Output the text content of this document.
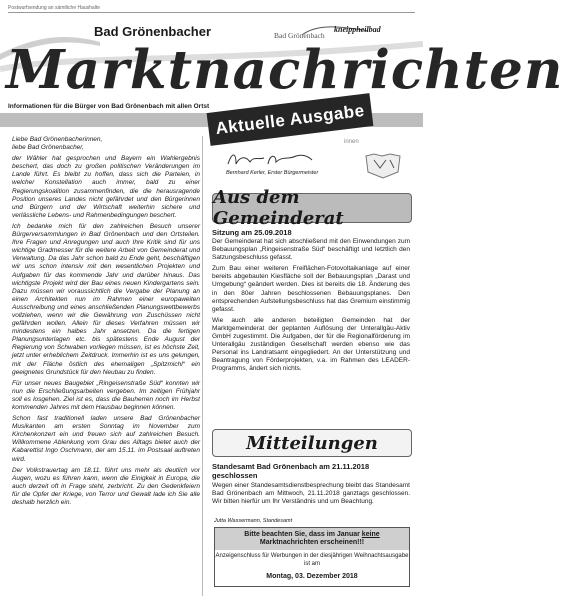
Postwurfsendung an sämtliche Haushalte
Bad Grönenbacher	Bad Grönenbach
kneippheilbad
Marktnachrichten
Informationen für die Bürger von Bad Grönenbach mit allen Ortst Aktuelle Ausgabe

Liebe Bad Grönenbacherinnen,

liebe Bad Grönenbacher,

der Wähler hat gesprochen und Bayern ein Wahlergebnis beschert, das doch zu großen politischen Veränderungen im Lande führt. Es bleibt zu hoffen, dass sich die Parteien, in welcher Konstellation auch immer, bald zu einer Regierungskoalition zusammenfinden, die die herausragende Position unseres Landes nicht gefährdet und den Bürgerinnen und Bürgern und der Wirtschaft weiterhin sichere und verlässliche Lebens- und Rahmenbedingungen beschert.

Ich bedanke mich für den zahlreichen Besuch unserer Bürgerversammlungen in Bad Grönenbach und den Ortsteilen. Ihre Fragen und Anregungen und auch Ihre Kritik sind für uns wichtige Gradmesser für die weitere Arbeit von Gemeinderat und Verwaltung. Da das Jahr schon bald zu Ende geht, beschäftigen wir uns schon intensiv mit den wesentlichen Projekten und Aufgaben für das kommende Jahr und darüber hinaus. Das wichtigste Projekt wird der Bau eines neuen Kindergartens sein. Dazu müssen wir voraussichtlich die Vergabe der Planung an einen Architekten nun im Rahmen einer europaweiten Ausschreibung und eines anschließenden Planungswettbewerbs vollziehen, wenn wir die Gewährung von Zuschüssen nicht gefährden wollen. Allein für dieses Verfahren müssen wir mindestens ein halbes Jahr ansetzen. Da die fertigen Planungsunterlagen etc. bis spätestens Ende August der Regierung von Schwaben vorliegen müssen, ist es höchste Zeit, jetzt unter erheblichem Zeitdruck. Immerhin ist es uns gelungen, mit der Fläche östlich des ehemaligen „Spitzmichl“ ein geeignetes Grundstück für den Neubau zu finden.

Für unser neues Baugebiet „Ringeisenstraße Süd“ konnten wir nun die Erschließungsarbeiten vergeben. Im zeitigen Frühjahr soll es losgehen. Ziel ist es, dass die Bauherren noch im Herbst kommenden Jahres mit dem Hausbau beginnen können.

Schon fast traditionell laden unsere Bad Grönenbacher Musikanten am ersten Sonntag im November zum Kirchenkonzert ein und freuen sich auf zahlreichen Besuch. Willkommene Ablenkung vom Grau des Alltags bietet auch der Kabarettist Ingo Oschmann, der am 15.11. im Postsaal auftreten wird.

Der Volkstrauertag am 18.11. führt uns mehr als deutlich vor Augen, wozu es führen kann, wenn die Einigkeit in Europa, die auch derzeit oft in Frage steht, zerbricht. Zu den Gedenkfeiern für die Opfer der Kriege, von Terror und Gewalt lade ich Sie alle deshalb herzlich ein.

innen
Bernhard Kerler, Erster Bürgermeister
Aus dem Gemeinderat
Sitzung am 25.09.2018

Der Gemeinderat hat sich abschließend mit den Einwendungen zum Bebauungsplan „Ringeisenstraße Süd“ beschäftigt und letztlich den Satzungsbeschluss gefasst.

Zum Bau einer weiteren Freiflächen-Fotovoltaikanlage auf einer bereits abgebauten Kiesfläche soll der Bebauungsplan „Darast und Umgebung“ geändert werden. Dies ist bereits die 18. Änderung des in den 80er Jahren beschlossenen Bebauungsplanes. Den entsprechenden Aufstellungsbeschluss hat das Gremium einstimmig gefasst.

Wie auch alle anderen beteiligten Gemeinden hat der Marktgemeinderat der geplanten Auflösung der Unterallgäu-Aktiv GmbH zugestimmt. Die Aufgaben, der für die Regionalförderung im Unterallgäu zuständigen Gesellschaft werden ebenso wie das Personal ins Landratsamt eingegliedert. An der Unterstützung und Beantragung von Förderprojekten, v.a. im Rahmen des LEADER-Programms, ändert sich nichts.

Mitteilungen
Standesamt Bad Grönenbach am 21.11.2018 geschlossen
Wegen einer Standesamtsdienstbesprechung bleibt das Standesamt Bad Grönenbach am Mittwoch, 21.11.2018 ganztags geschlossen. Wir bitten hierfür um Ihr Verständnis und um Beachtung.
Jutta Wassermann, Standesamt
Bitte beachten Sie, dass im Januar keine
Marktnachrichten erscheinen!!!
Anzeigenschluss für Werbungen in der diesjährigen Weihnachtsausgabe ist am
Montag, 03. Dezember 2018
